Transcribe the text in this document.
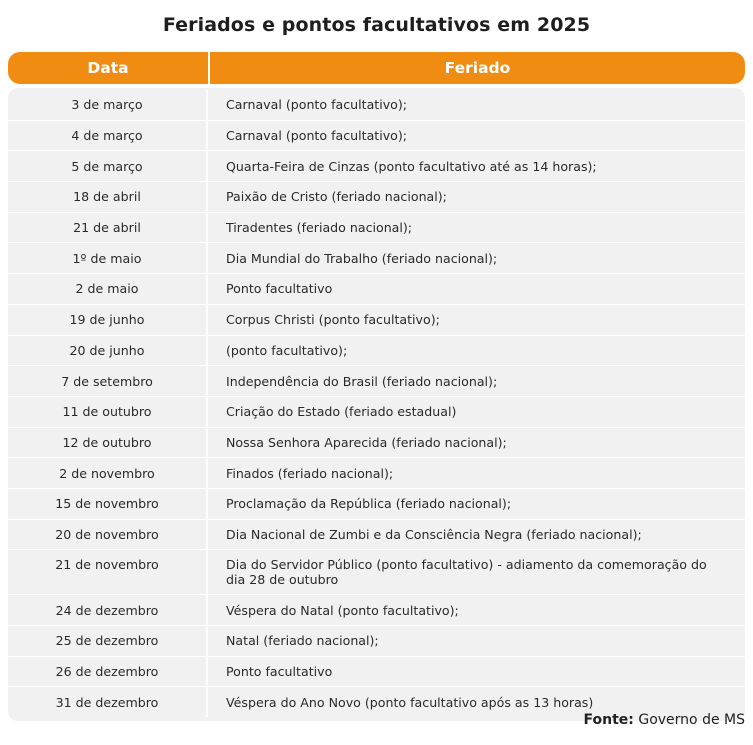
Feriados e pontos facultativos em 2025
Data	Feriado
3 de março	Carnaval (ponto facultativo);
4 de março	Carnaval (ponto facultativo);
5 de março	Quarta-Feira de Cinzas (ponto facultativo até as 14 horas);
18 de abril	Paixão de Cristo (feriado nacional);
21 de abril	Tiradentes (feriado nacional);
1º de maio	Dia Mundial do Trabalho (feriado nacional);
2 de maio	Ponto facultativo
19 de junho	Corpus Christi (ponto facultativo);
20 de junho	(ponto facultativo);
7 de setembro	Independência do Brasil (feriado nacional);
11 de outubro	Criação do Estado (feriado estadual)
12 de outubro	Nossa Senhora Aparecida (feriado nacional);
2 de novembro	Finados (feriado nacional);
15 de novembro	Proclamação da República (feriado nacional);
20 de novembro	Dia Nacional de Zumbi e da Consciência Negra (feriado nacional);
21 de novembro	Dia do Servidor Público (ponto facultativo) - adiamento da comemoração do dia 28 de outubro
24 de dezembro	Véspera do Natal (ponto facultativo);
25 de dezembro	Natal (feriado nacional);
26 de dezembro	Ponto facultativo
31 de dezembro	Véspera do Ano Novo (ponto facultativo após as 13 horas)
Fonte: Governo de MS
